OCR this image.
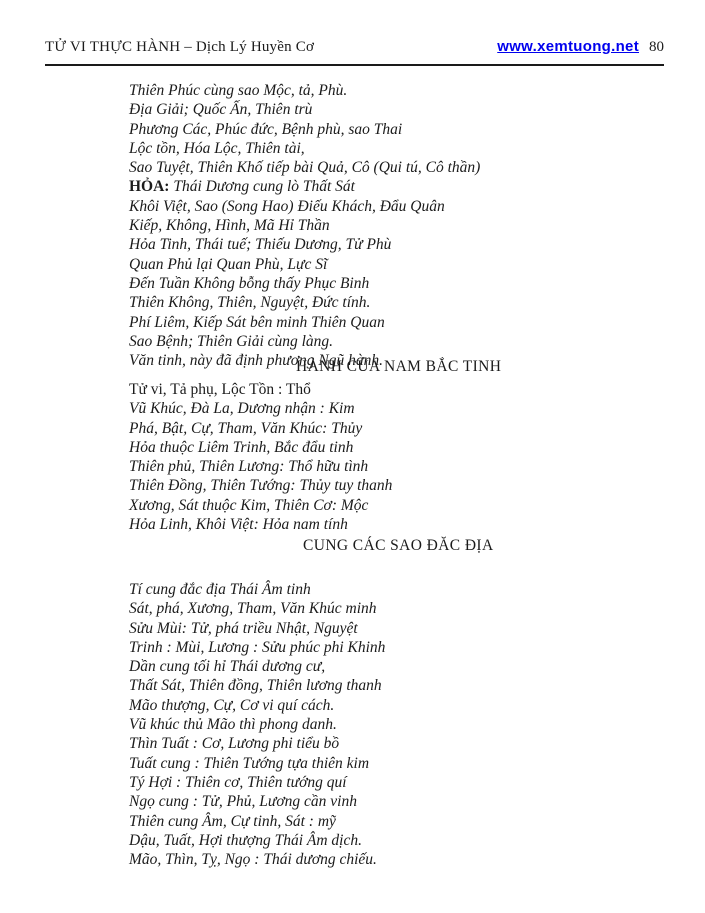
TỬ VI THỰC HÀNH – Dịch Lý Huyền Cơ	www.xemtuong.net 80
Thiên Phúc cùng sao Mộc, tả, Phù.
Địa Giải; Quốc Ấn, Thiên trù
Phương Các, Phúc đức, Bệnh phù, sao Thai
Lộc tồn, Hóa Lộc, Thiên tài,
Sao Tuyệt, Thiên Khố tiếp bài Quả, Cô (Qui tú, Cô thần)
HỎA: Thái Dương cung lò Thất Sát
Khôi Việt, Sao (Song Hao) Điếu Khách, Đẩu Quân
Kiếp, Không, Hình, Mã Hỉ Thần
Hỏa Tinh, Thái tuế; Thiếu Dương, Tử Phù
Quan Phủ lại Quan Phù, Lực Sĩ
Đến Tuần Không bỗng thấy Phục Binh
Thiên Không, Thiên, Nguyệt, Đức tính.
Phí Liêm, Kiếp Sát bên minh Thiên Quan
Sao Bệnh; Thiên Giải cùng làng.
Văn tinh, này đã định phương Ngũ hành.
HÀNH CỦA NAM BẮC TINH
Tử vi, Tả phụ, Lộc Tồn : Thổ
Vũ Khúc, Đà La, Dương nhận : Kim
Phá, Bật, Cự, Tham, Văn Khúc: Thủy
Hỏa thuộc Liêm Trinh, Bắc đẩu tinh
Thiên phủ, Thiên Lương: Thổ hữu tình
Thiên Đồng, Thiên Tướng: Thủy tuy thanh
Xương, Sát thuộc Kim, Thiên Cơ: Mộc
Hỏa Linh, Khôi Việt: Hỏa nam tính
CUNG CÁC SAO ĐĂC ĐỊA
Tí cung đắc địa Thái Âm tinh
Sát, phá, Xương, Tham, Văn Khúc minh
Sửu Mùi: Tử, phá triều Nhật, Nguyệt
Trinh : Mùi, Lương : Sửu phúc phi Khinh
Dần cung tối hỉ Thái dương cư,
Thất Sát, Thiên đồng, Thiên lương thanh
Mão thượng, Cự, Cơ vi quí cách.
Vũ khúc thủ Mão thì phong danh.
Thìn Tuất : Cơ, Lương phi tiểu bồ
Tuất cung : Thiên Tướng tựa thiên kim
Tý Hợi : Thiên cơ, Thiên tướng quí
Ngọ cung : Tử, Phủ, Lương cần vinh
Thiên cung Âm, Cự tinh, Sát : mỹ
Dậu, Tuất, Hợi thượng Thái Âm dịch.
Mão, Thìn, Tỵ, Ngọ : Thái dương chiếu.
